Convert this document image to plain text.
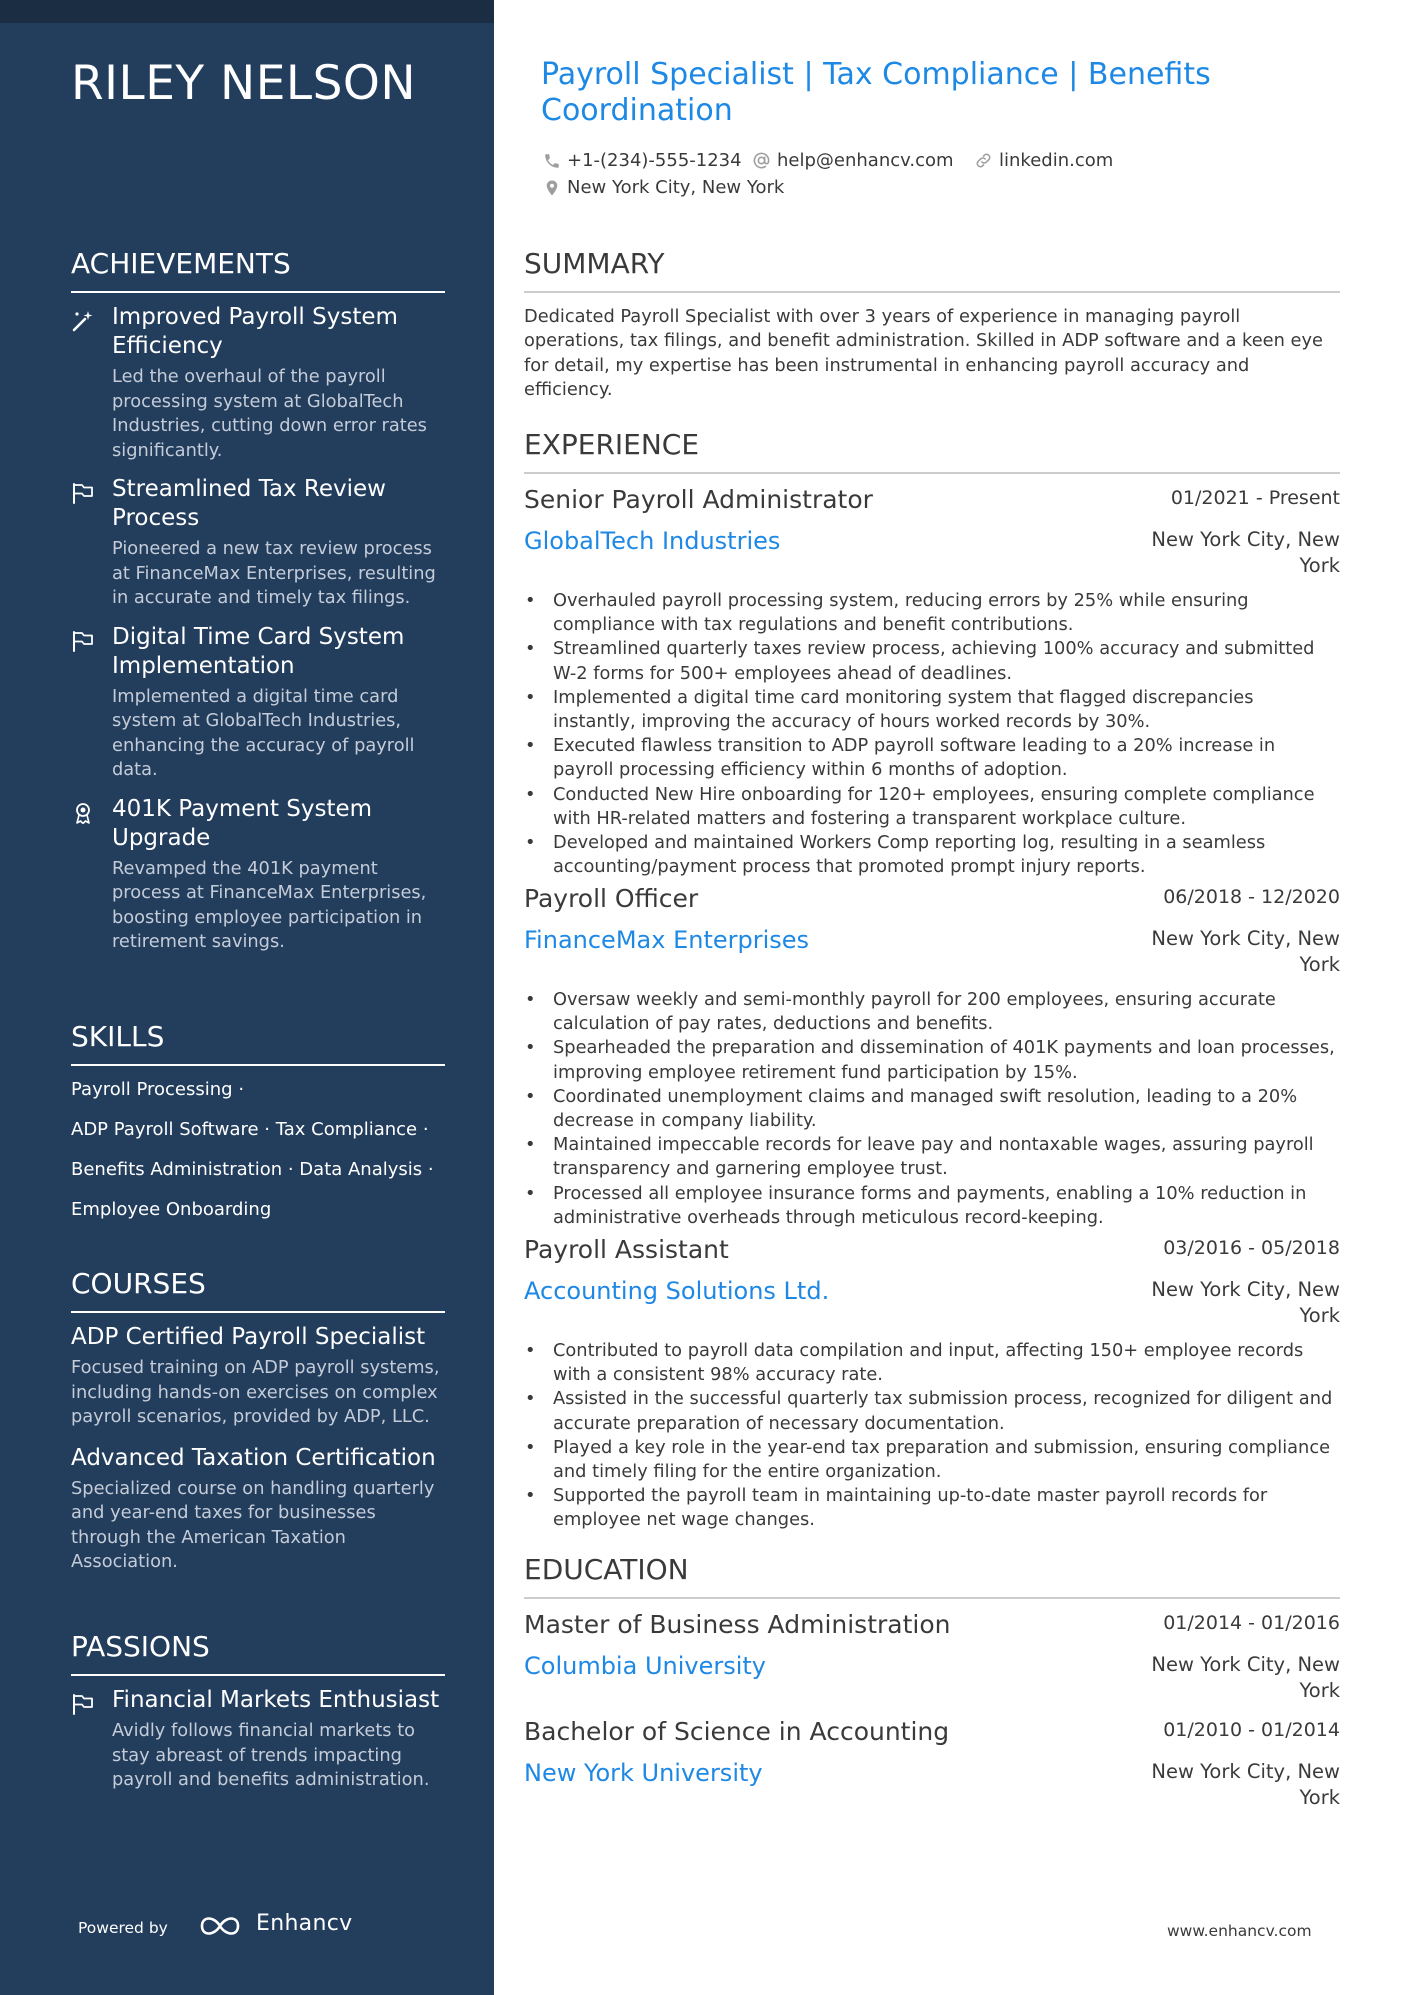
RILEY NELSON
ACHIEVEMENTS
Improved Payroll System Efficiency
Led the overhaul of the payroll processing system at GlobalTech Industries, cutting down error rates significantly.
Streamlined Tax Review Process
Pioneered a new tax review process at FinanceMax Enterprises, resulting in accurate and timely tax filings.
Digital Time Card System Implementation
Implemented a digital time card system at GlobalTech Industries, enhancing the accuracy of payroll data.
401K Payment System Upgrade
Revamped the 401K payment process at FinanceMax Enterprises, boosting employee participation in retirement savings.
SKILLS
Payroll Processing ·
ADP Payroll Software · Tax Compliance ·
Benefits Administration · Data Analysis ·
Employee Onboarding
COURSES
ADP Certified Payroll Specialist
Focused training on ADP payroll systems, including hands-on exercises on complex payroll scenarios, provided by ADP, LLC.
Advanced Taxation Certification
Specialized course on handling quarterly and year-end taxes for businesses through the American Taxation Association.
PASSIONS
Financial Markets Enthusiast
Avidly follows financial markets to stay abreast of trends impacting payroll and benefits administration.
Powered by	Enhancv
Payroll Specialist | Tax Compliance | Benefits Coordination
+1-(234)-555-1234 help@enhancv.com	linkedin.com
New York City, New York
SUMMARY
Dedicated Payroll Specialist with over 3 years of experience in managing payroll operations, tax filings, and benefit administration. Skilled in ADP software and a keen eye for detail, my expertise has been instrumental in enhancing payroll accuracy and efficiency.
EXPERIENCE
Senior Payroll Administrator	01/2021 - Present
GlobalTech Industries	New York City, New York
• Overhauled payroll processing system, reducing errors by 25% while ensuring compliance with tax regulations and benefit contributions.
• Streamlined quarterly taxes review process, achieving 100% accuracy and submitted W-2 forms for 500+ employees ahead of deadlines.
• Implemented a digital time card monitoring system that flagged discrepancies instantly, improving the accuracy of hours worked records by 30%.
• Executed flawless transition to ADP payroll software leading to a 20% increase in payroll processing efficiency within 6 months of adoption.
• Conducted New Hire onboarding for 120+ employees, ensuring complete compliance with HR-related matters and fostering a transparent workplace culture.
• Developed and maintained Workers Comp reporting log, resulting in a seamless accounting/payment process that promoted prompt injury reports.
Payroll Officer	06/2018 - 12/2020
FinanceMax Enterprises	New York City, New York
• Oversaw weekly and semi-monthly payroll for 200 employees, ensuring accurate calculation of pay rates, deductions and benefits.
• Spearheaded the preparation and dissemination of 401K payments and loan processes, improving employee retirement fund participation by 15%.
• Coordinated unemployment claims and managed swift resolution, leading to a 20% decrease in company liability.
• Maintained impeccable records for leave pay and nontaxable wages, assuring payroll transparency and garnering employee trust.
• Processed all employee insurance forms and payments, enabling a 10% reduction in administrative overheads through meticulous record-keeping.
Payroll Assistant	03/2016 - 05/2018
Accounting Solutions Ltd.	New York City, New York
• Contributed to payroll data compilation and input, affecting 150+ employee records with a consistent 98% accuracy rate.
• Assisted in the successful quarterly tax submission process, recognized for diligent and accurate preparation of necessary documentation.
• Played a key role in the year-end tax preparation and submission, ensuring compliance and timely filing for the entire organization.
• Supported the payroll team in maintaining up-to-date master payroll records for employee net wage changes.
EDUCATION
Master of Business Administration	01/2014 - 01/2016
Columbia University	New York City, New York
Bachelor of Science in Accounting	01/2010 - 01/2014
New York University	New York City, New York
www.enhancv.com
